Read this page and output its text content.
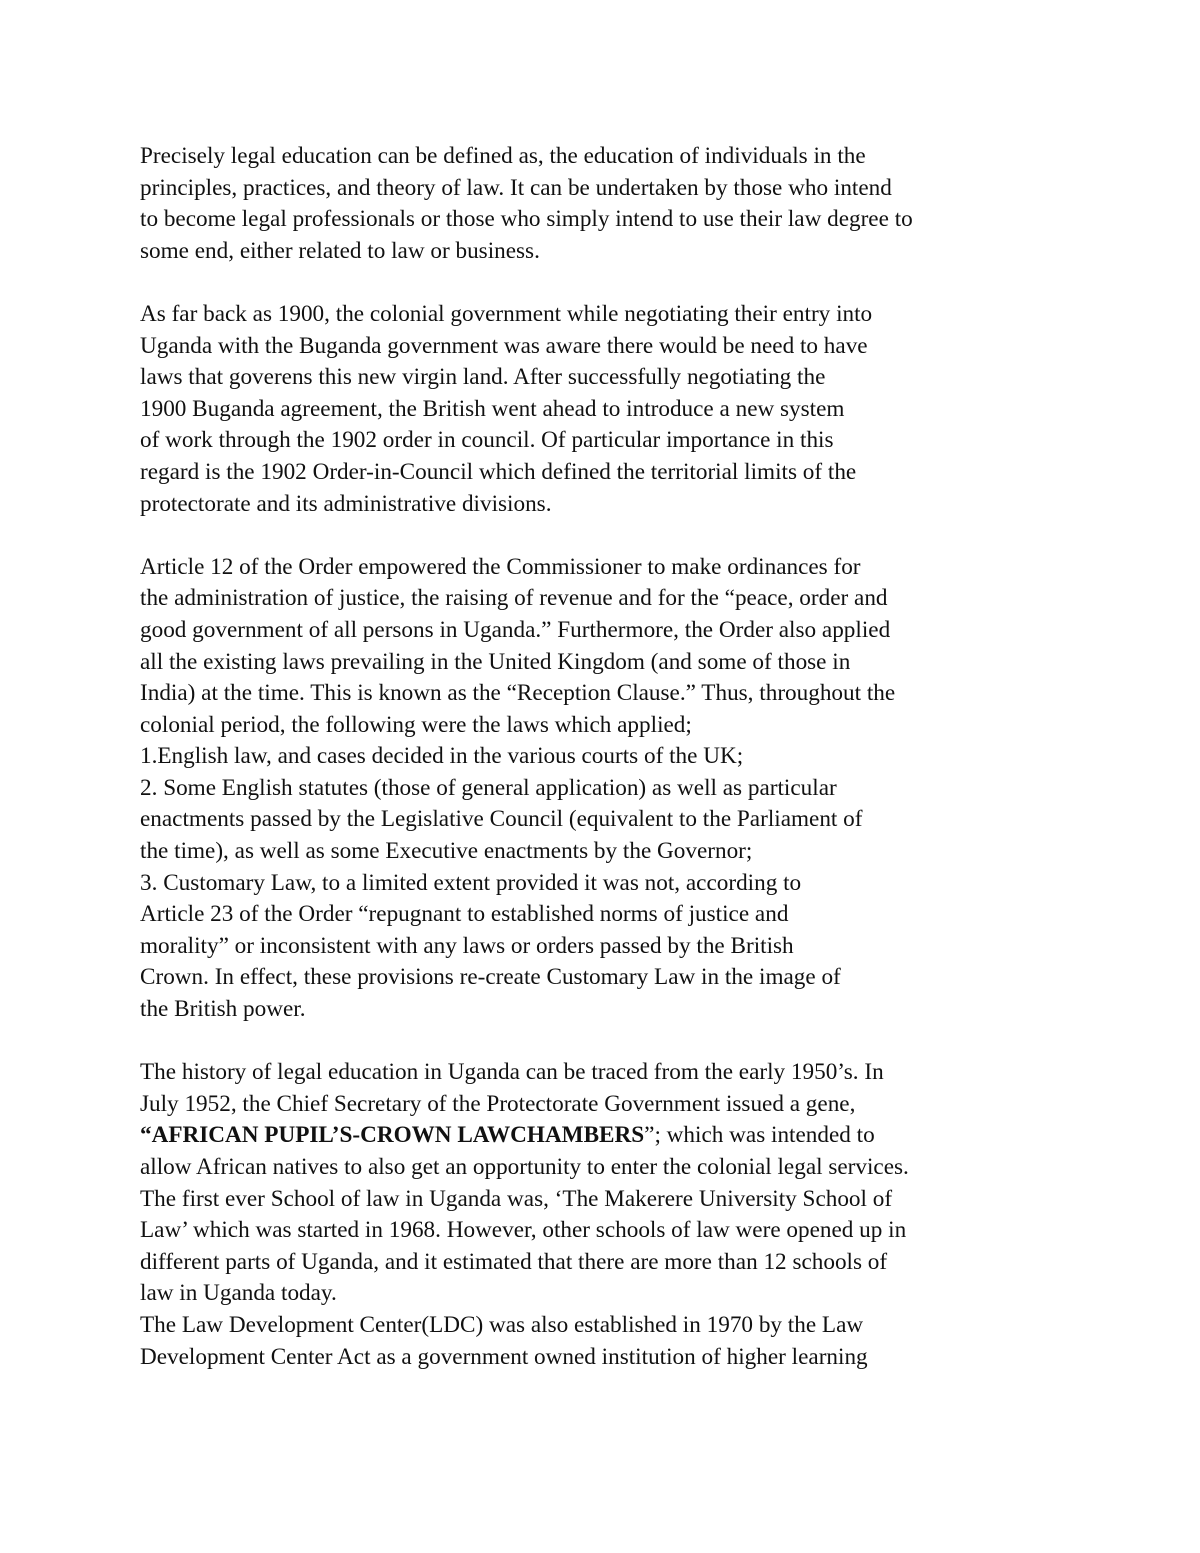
Precisely legal education can be defined as, the education of individuals in the
principles, practices, and theory of law. It can be undertaken by those who intend
to become legal professionals or those who simply intend to use their law degree to
some end, either related to law or business.
As far back as 1900, the colonial government while negotiating their entry into
Uganda with the Buganda government was aware there would be need to have
laws that goverens this new virgin land. After successfully negotiating the
1900 Buganda agreement, the British went ahead to introduce a new system
of work through the 1902 order in council. Of particular importance in this
regard is the 1902 Order-in-Council which defined the territorial limits of the
protectorate and its administrative divisions.
Article 12 of the Order empowered the Commissioner to make ordinances for
the administration of justice, the raising of revenue and for the “peace, order and
good government of all persons in Uganda.” Furthermore, the Order also applied
all the existing laws prevailing in the United Kingdom (and some of those in
India) at the time. This is known as the “Reception Clause.” Thus, throughout the
colonial period, the following were the laws which applied;
1.English law, and cases decided in the various courts of the UK;
2. Some English statutes (those of general application) as well as particular
enactments passed by the Legislative Council (equivalent to the Parliament of
the time), as well as some Executive enactments by the Governor;
3. Customary Law, to a limited extent provided it was not, according to
Article 23 of the Order “repugnant to established norms of justice and
morality” or inconsistent with any laws or orders passed by the British
Crown. In effect, these provisions re-create Customary Law in the image of
the British power.
The history of legal education in Uganda can be traced from the early 1950’s. In
July 1952, the Chief Secretary of the Protectorate Government issued a gene,
“AFRICAN PUPIL’S-CROWN LAWCHAMBERS”; which was intended to
allow African natives to also get an opportunity to enter the colonial legal services.
The first ever School of law in Uganda was, ‘The Makerere University School of
Law’ which was started in 1968. However, other schools of law were opened up in
different parts of Uganda, and it estimated that there are more than 12 schools of
law in Uganda today.
The Law Development Center(LDC) was also established in 1970 by the Law
Development Center Act as a government owned institution of higher learning
